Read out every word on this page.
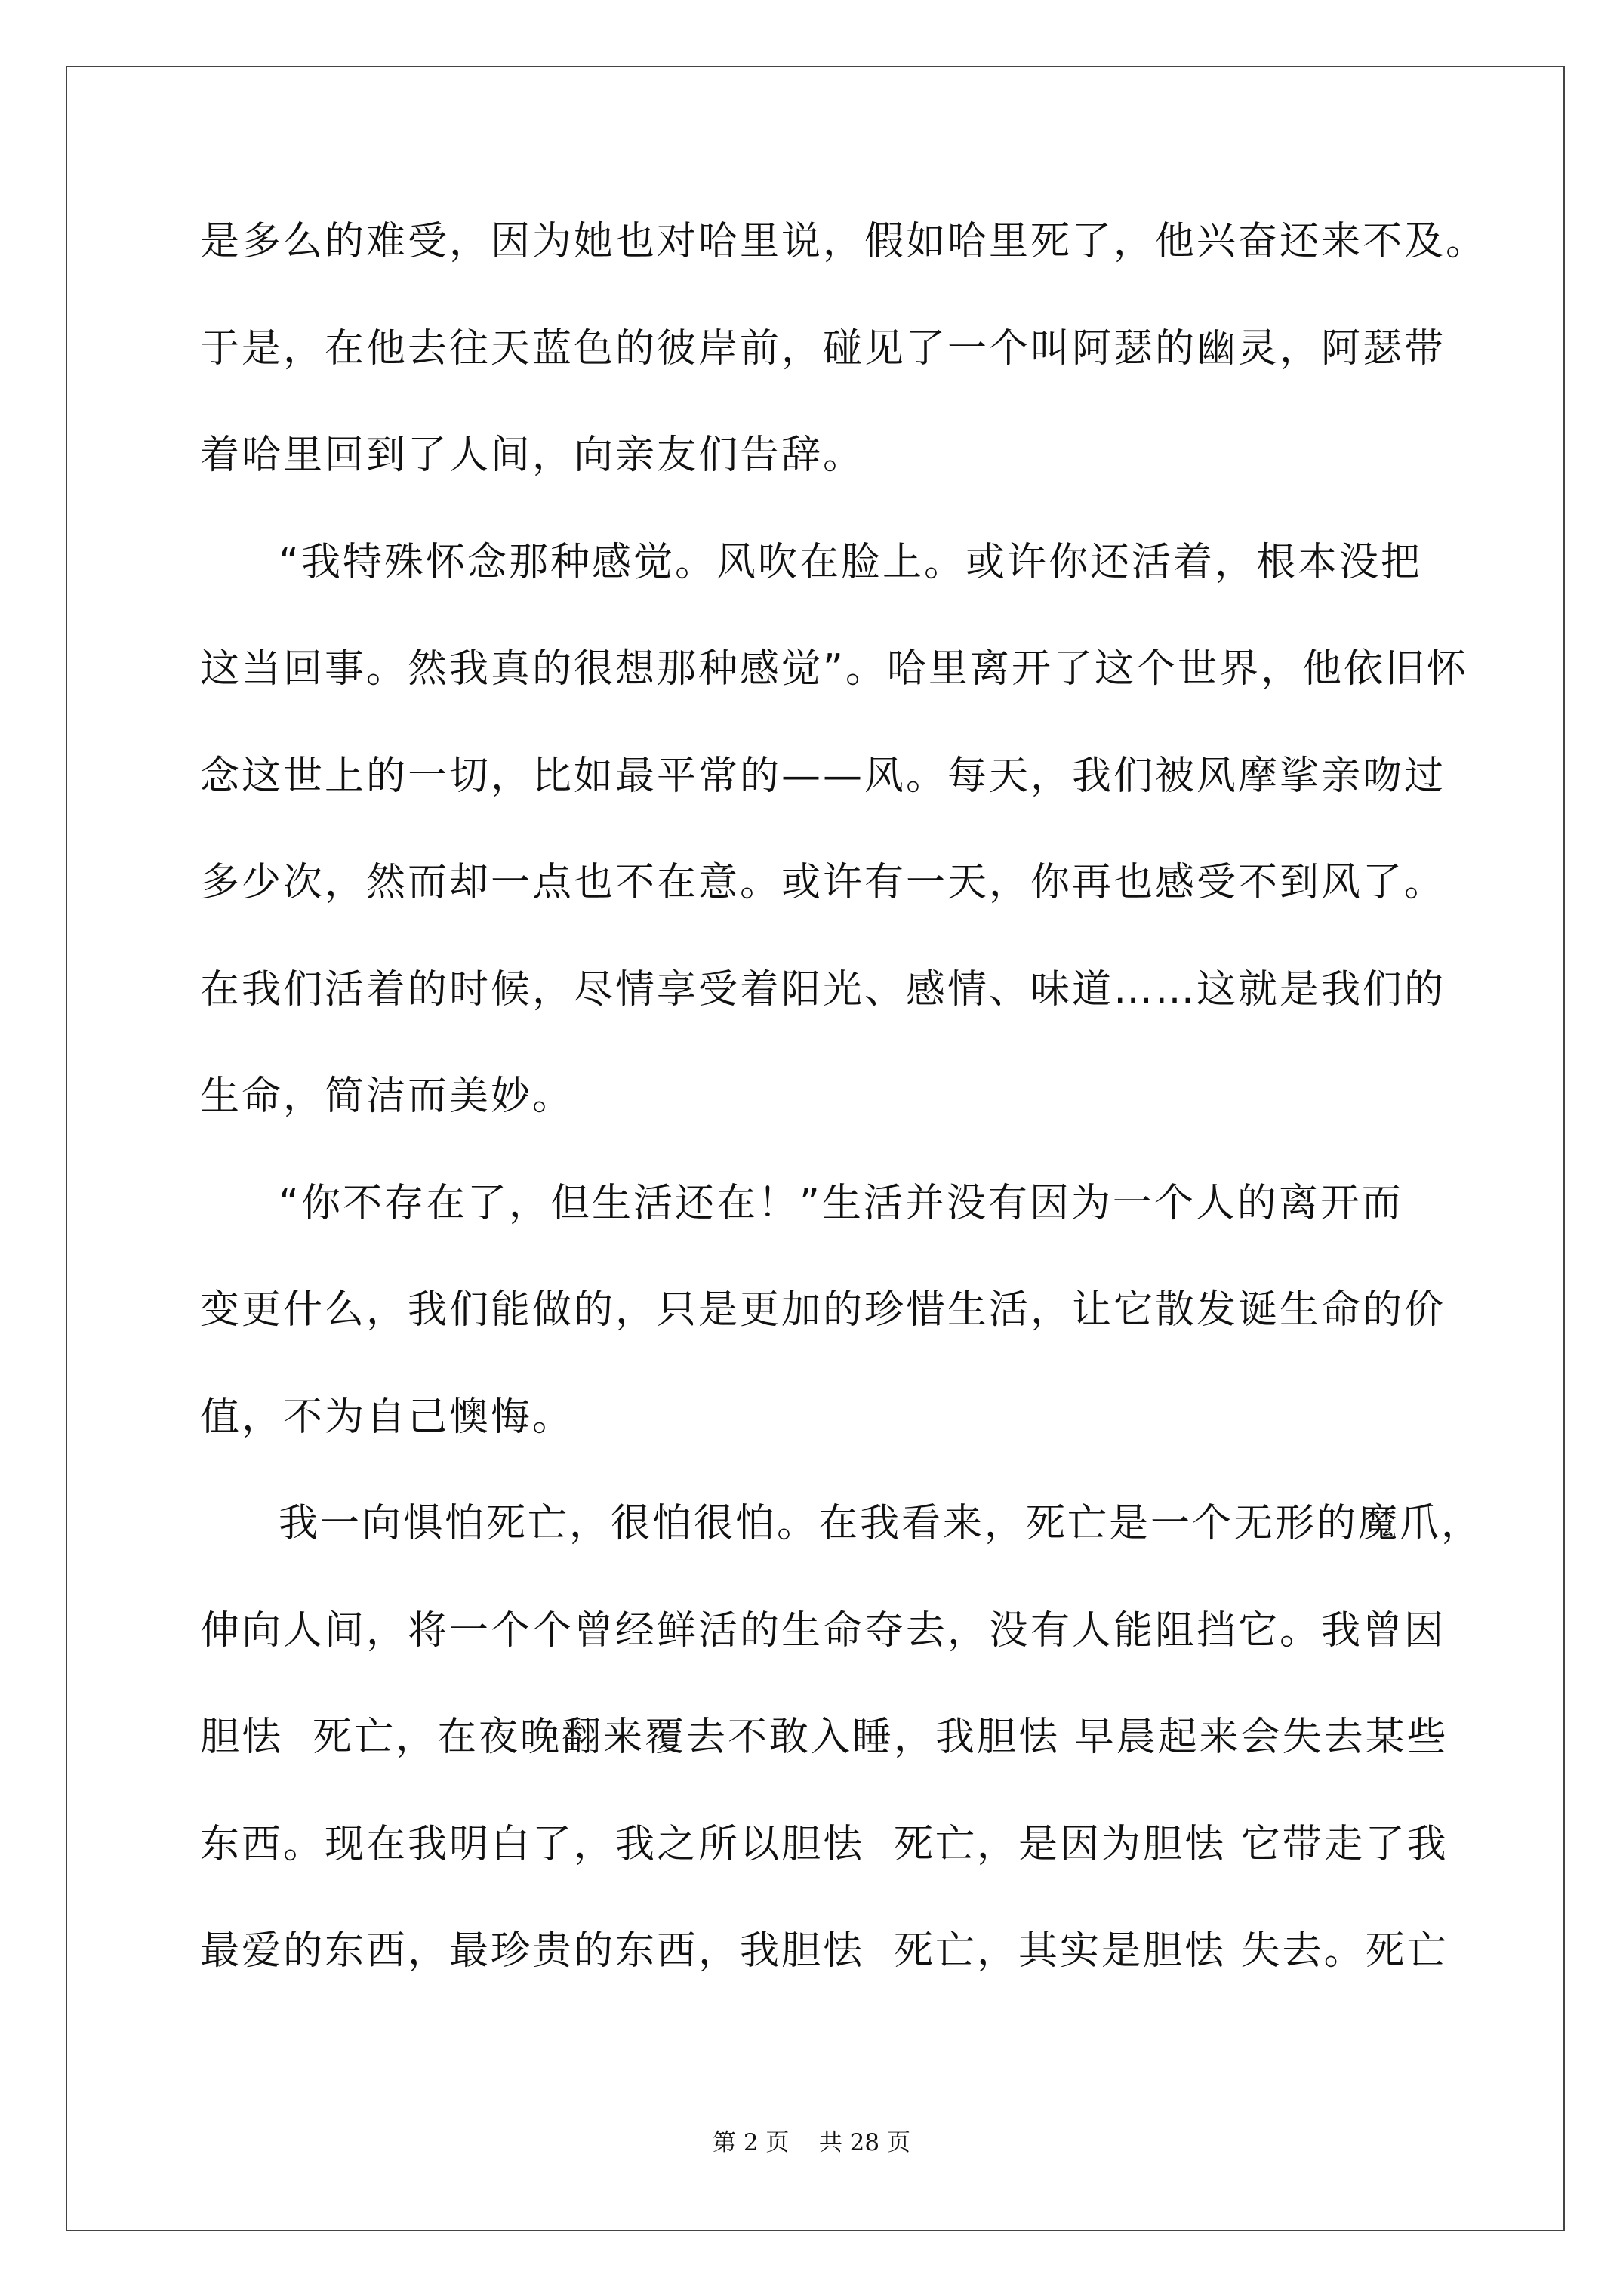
是多么的难受，因为她也对哈里说，假如哈里死了，他兴奋还来不及。
于是，在他去往天蓝色的彼岸前，碰见了一个叫阿瑟的幽灵，阿瑟带
着哈里回到了人间，向亲友们告辞。
“我特殊怀念那种感觉。风吹在脸上。或许你还活着，根本没把
这当回事。然我真的很想那种感觉”。哈里离开了这个世界，他依旧怀
念这世上的一切，比如最平常的——风。每天，我们被风摩挲亲吻过
多少次，然而却一点也不在意。或许有一天，你再也感受不到风了。
在我们活着的时候，尽情享受着阳光、感情、味道……这就是我们的
生命，简洁而美妙。
“你不存在了，但生活还在！”生活并没有因为一个人的离开而
变更什么，我们能做的，只是更加的珍惜生活，让它散发诞生命的价
值，不为自己懊悔。
我一向惧怕死亡，很怕很怕。在我看来，死亡是一个无形的魔爪，
伸向人间，将一个个曾经鲜活的生命夺去，没有人能阻挡它。我曾因
胆怯  死亡，在夜晚翻来覆去不敢入睡，我胆怯 早晨起来会失去某些
东西。现在我明白了，我之所以胆怯  死亡，是因为胆怯 它带走了我
最爱的东西，最珍贵的东西，我胆怯  死亡，其实是胆怯 失去。死亡
第 2 页    共 28 页
